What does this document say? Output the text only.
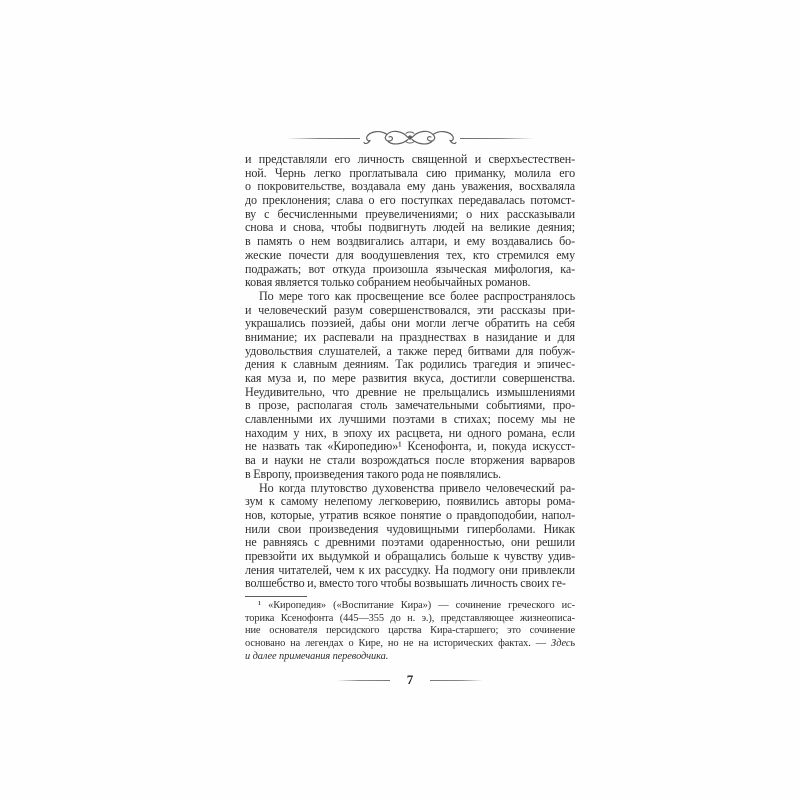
и представляли его личность священной и сверхъестествен-
ной. Чернь легко проглатывала сию приманку, молила его
о покровительстве, воздавала ему дань уважения, восхваляла
до преклонения; слава о его поступках передавалась потомст-
ву с бесчисленными преувеличениями; о них рассказывали
снова и снова, чтобы подвигнуть людей на великие деяния;
в память о нем воздвигались алтари, и ему воздавались бо-
жеские почести для воодушевления тех, кто стремился ему
подражать; вот откуда произошла языческая мифология, ка-
ковая является только собранием необычайных романов.
По мере того как просвещение все более распространялось
и человеческий разум совершенствовался, эти рассказы при-
украшались поэзией, дабы они могли легче обратить на себя
внимание; их распевали на празднествах в назидание и для
удовольствия слушателей, а также перед битвами для побуж-
дения к славным деяниям. Так родились трагедия и эпичес-
кая муза и, по мере развития вкуса, достигли совершенства.
Неудивительно, что древние не прельщались измышлениями
в прозе, располагая столь замечательными событиями, про-
славленными их лучшими поэтами в стихах; посему мы не
находим у них, в эпоху их расцвета, ни одного романа, если
не назвать так «Киропедию»¹ Ксенофонта, и, покуда искусст-
ва и науки не стали возрождаться после вторжения варваров
в Европу, произведения такого рода не появлялись.
Но когда плутовство духовенства привело человеческий ра-
зум к самому нелепому легковерию, появились авторы рома-
нов, которые, утратив всякое понятие о правдоподобии, напол-
нили свои произведения чудовищными гиперболами. Никак
не равняясь с древними поэтами одаренностью, они решили
превзойти их выдумкой и обращались больше к чувству удив-
ления читателей, чем к их рассудку. На подмогу они привлекли
волшебство и, вместо того чтобы возвышать личность своих ге-
¹ «Киропедия» («Воспитание Кира») — сочинение греческого ис-
торика Ксенофонта (445—355 до н. э.), представляющее жизнеописа-
ние основателя персидского царства Кира-старшего; это сочинение
основано на легендах о Кире, но не на исторических фактах. — Здесь
и далее примечания переводчика.
7
